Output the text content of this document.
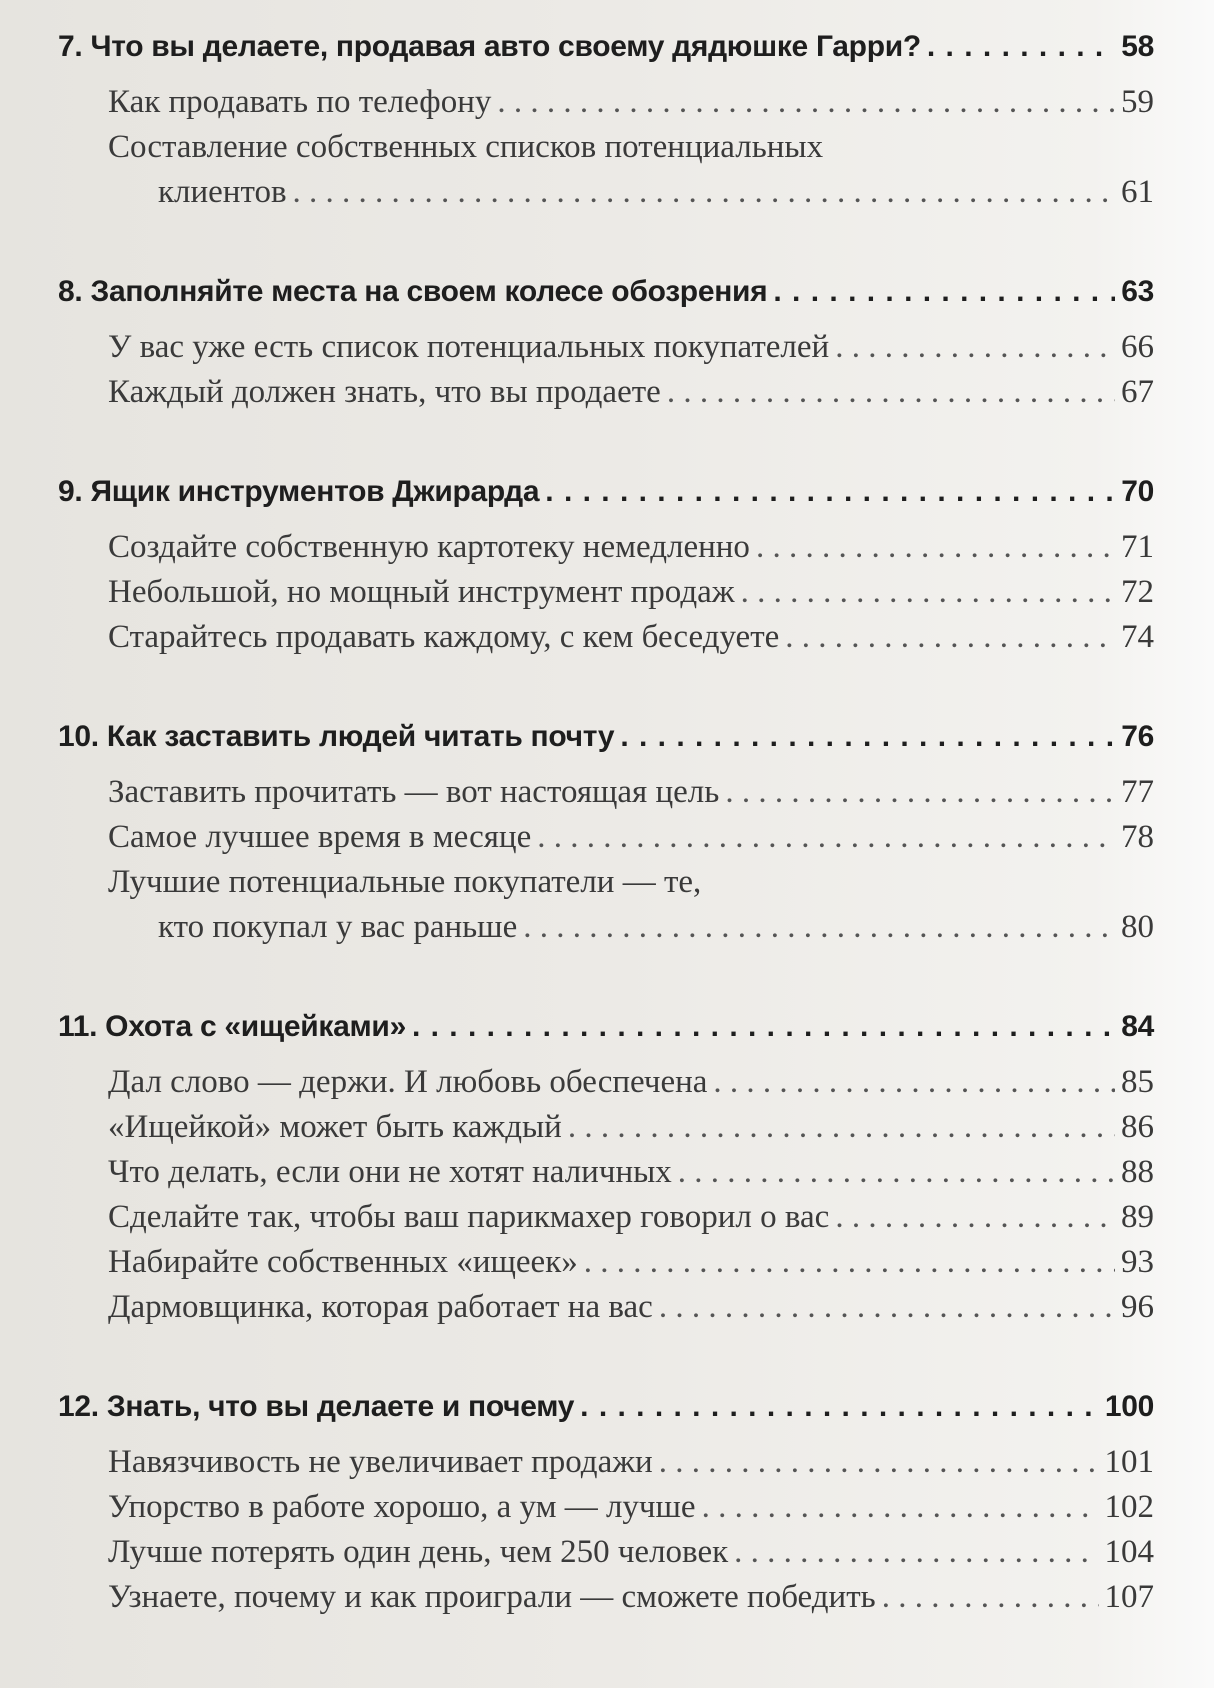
7. Что вы делаете, продавая авто своему дядюшке Гарри? . . .	58
Как продавать по телефону . . .	59
Составление собственных списков потенциальных
клиентов . . .	61
8. Заполняйте места на своем колесе обозрения . . .	63
У вас уже есть список потенциальных покупателей . . .	66
Каждый должен знать, что вы продаете . . .	67
9. Ящик инструментов Джирарда . . .	70
Создайте собственную картотеку немедленно . . .	71
Небольшой, но мощный инструмент продаж . . .	72
Старайтесь продавать каждому, с кем беседуете . . .	74
10. Как заставить людей читать почту . . .	76
Заставить прочитать — вот настоящая цель . . .	77
Самое лучшее время в месяце . . .	78
Лучшие потенциальные покупатели — те,
кто покупал у вас раньше . . .	80
11. Охота с «ищейками» . . .	84
Дал слово — держи. И любовь обеспечена . . .	85
«Ищейкой» может быть каждый . . .	86
Что делать, если они не хотят наличных . . .	88
Сделайте так, чтобы ваш парикмахер говорил о вас . . .	89
Набирайте собственных «ищеек» . . .	93
Дармовщинка, которая работает на вас . . .	96
12. Знать, что вы делаете и почему . . .	100
Навязчивость не увеличивает продажи . . .	101
Упорство в работе хорошо, а ум — лучше . . .	102
Лучше потерять один день, чем 250 человек . . .	104
Узнаете, почему и как проиграли — сможете победить . . .	107
